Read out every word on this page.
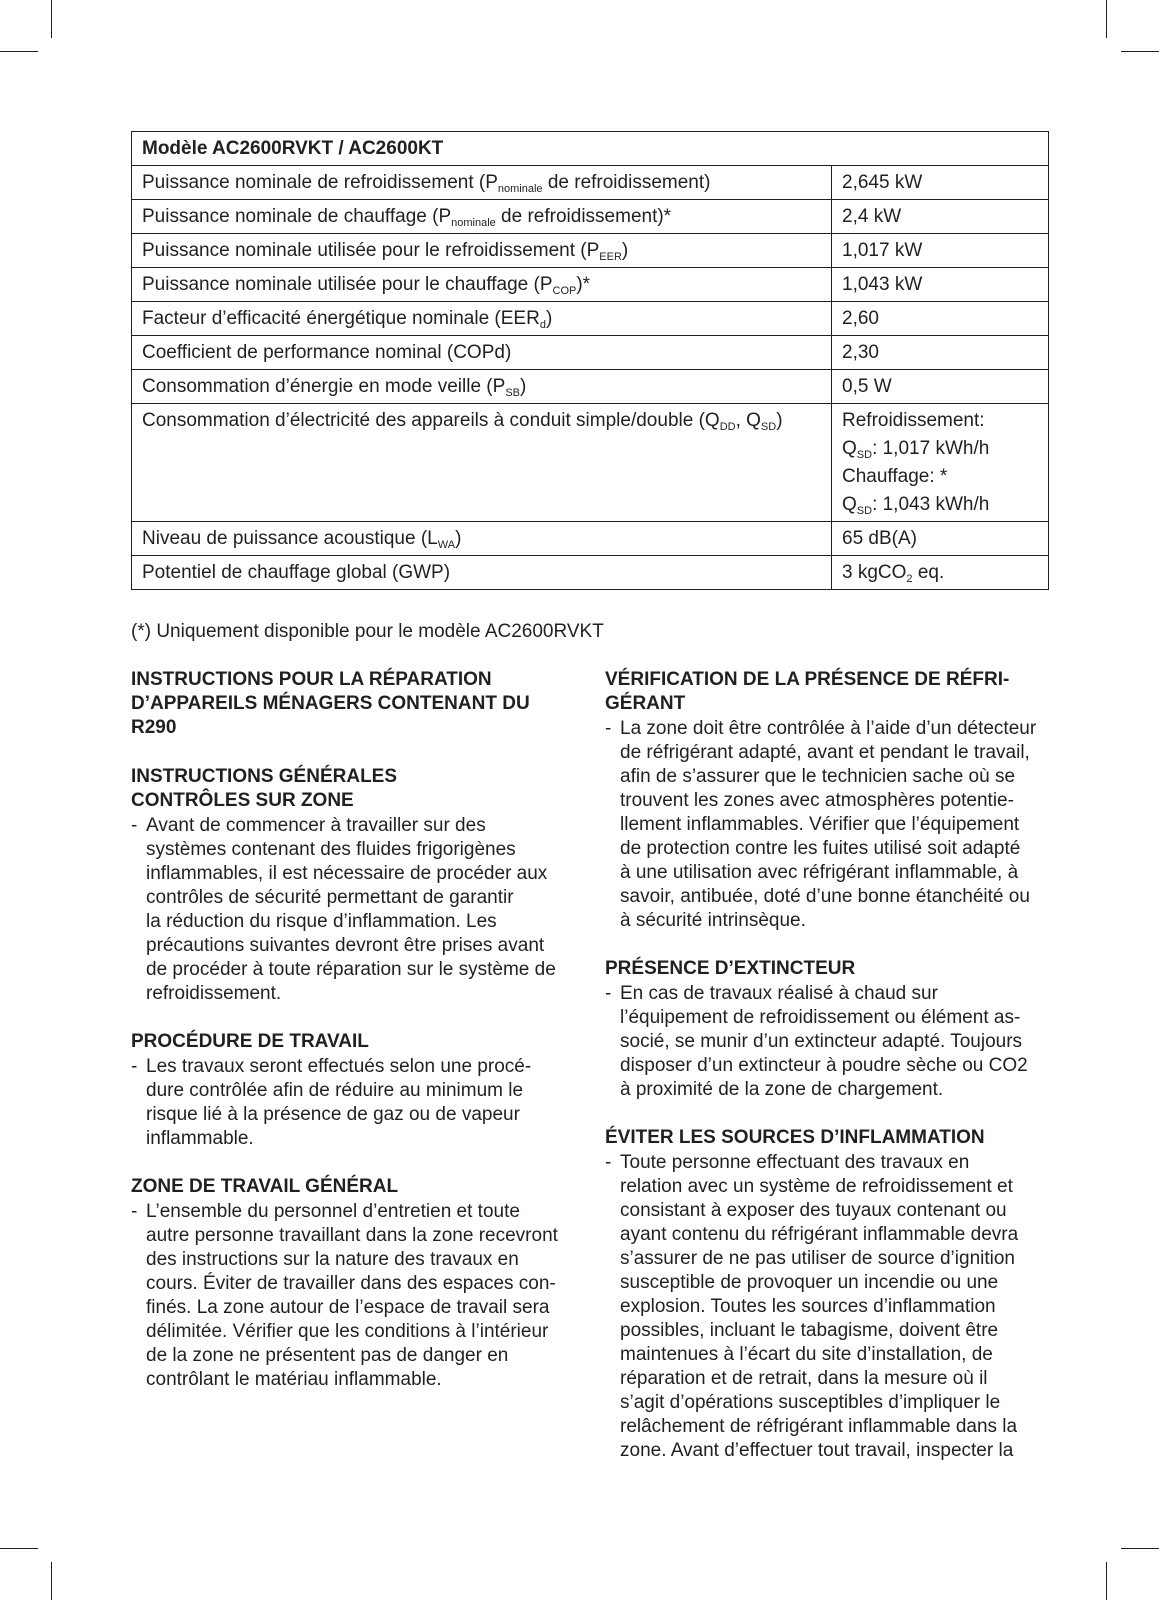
Modèle AC2600RVKT / AC2600KT	
Puissance nominale de refroidissement ($P_{nominale}$ de refroidissement)	2,645 kW
Puissance nominale de chauffage ($P_{nominale}$ de refroidissement)*	2,4 kW
Puissance nominale utilisée pour le refroidissement $(P_{EER})$	1,017 kW
Puissance nominale utilisée pour le chauffage $(P_{COP})*$	1,043 kW
Facteur d’efficacité énergétique nominale $(EER_d)$	2,60
Coefficient de performance nominal (COPd)	2,30
Consommation d’énergie en mode veille $(P_{SB})$	0,5 W
Consommation d’électricité des appareils à conduit simple/double ($Q_{DD}$, $Q_{SD}$)	Refroidissement:
$Q_{SD}$: 1,017 kWh/h
Chauffage: *
$Q_{SD}$: 1,043 kWh/h

Niveau de puissance acoustique $(L_{WA})$	65 dB(A)
Potentiel de chauffage global (GWP)	3 kgCO$_2$ eq.
(*) Uniquement disponible pour le modèle AC2600RVKT
INSTRUCTIONS POUR LA RÉPARATION
D’APPAREILS MÉNAGERS CONTENANT DU
R290
INSTRUCTIONS GÉNÉRALES
CONTRÔLES SUR ZONE
- Avant de commencer à travailler sur des
systèmes contenant des fluides frigorigènes
inflammables, il est nécessaire de procéder aux
contrôles de sécurité permettant de garantir
la réduction du risque d’inflammation. Les
précautions suivantes devront être prises avant
de procéder à toute réparation sur le système de
refroidissement.
PROCÉDURE DE TRAVAIL
- Les travaux seront effectués selon une procé-
dure contrôlée afin de réduire au minimum le
risque lié à la présence de gaz ou de vapeur
inflammable.
ZONE DE TRAVAIL GÉNÉRAL
- L’ensemble du personnel d’entretien et toute
autre personne travaillant dans la zone recevront
des instructions sur la nature des travaux en
cours. Éviter de travailler dans des espaces con-
finés. La zone autour de l’espace de travail sera
délimitée. Vérifier que les conditions à l’intérieur
de la zone ne présentent pas de danger en
contrôlant le matériau inflammable.
VÉRIFICATION DE LA PRÉSENCE DE RÉFRI-
GÉRANT
- La zone doit être contrôlée à l’aide d’un détecteur
de réfrigérant adapté, avant et pendant le travail,
afin de s’assurer que le technicien sache où se
trouvent les zones avec atmosphères potentie-
llement inflammables. Vérifier que l’équipement
de protection contre les fuites utilisé soit adapté
à une utilisation avec réfrigérant inflammable, à
savoir, antibuée, doté d’une bonne étanchéité ou
à sécurité intrinsèque.
PRÉSENCE D’EXTINCTEUR
- En cas de travaux réalisé à chaud sur
l’équipement de refroidissement ou élément as-
socié, se munir d’un extincteur adapté. Toujours
disposer d’un extincteur à poudre sèche ou CO2
à proximité de la zone de chargement.
ÉVITER LES SOURCES D’INFLAMMATION
- Toute personne effectuant des travaux en
relation avec un système de refroidissement et
consistant à exposer des tuyaux contenant ou
ayant contenu du réfrigérant inflammable devra
s’assurer de ne pas utiliser de source d’ignition
susceptible de provoquer un incendie ou une
explosion. Toutes les sources d’inflammation
possibles, incluant le tabagisme, doivent être
maintenues à l’écart du site d’installation, de
réparation et de retrait, dans la mesure où il
s’agit d’opérations susceptibles d’impliquer le
relâchement de réfrigérant inflammable dans la
zone. Avant d’effectuer tout travail, inspecter la
